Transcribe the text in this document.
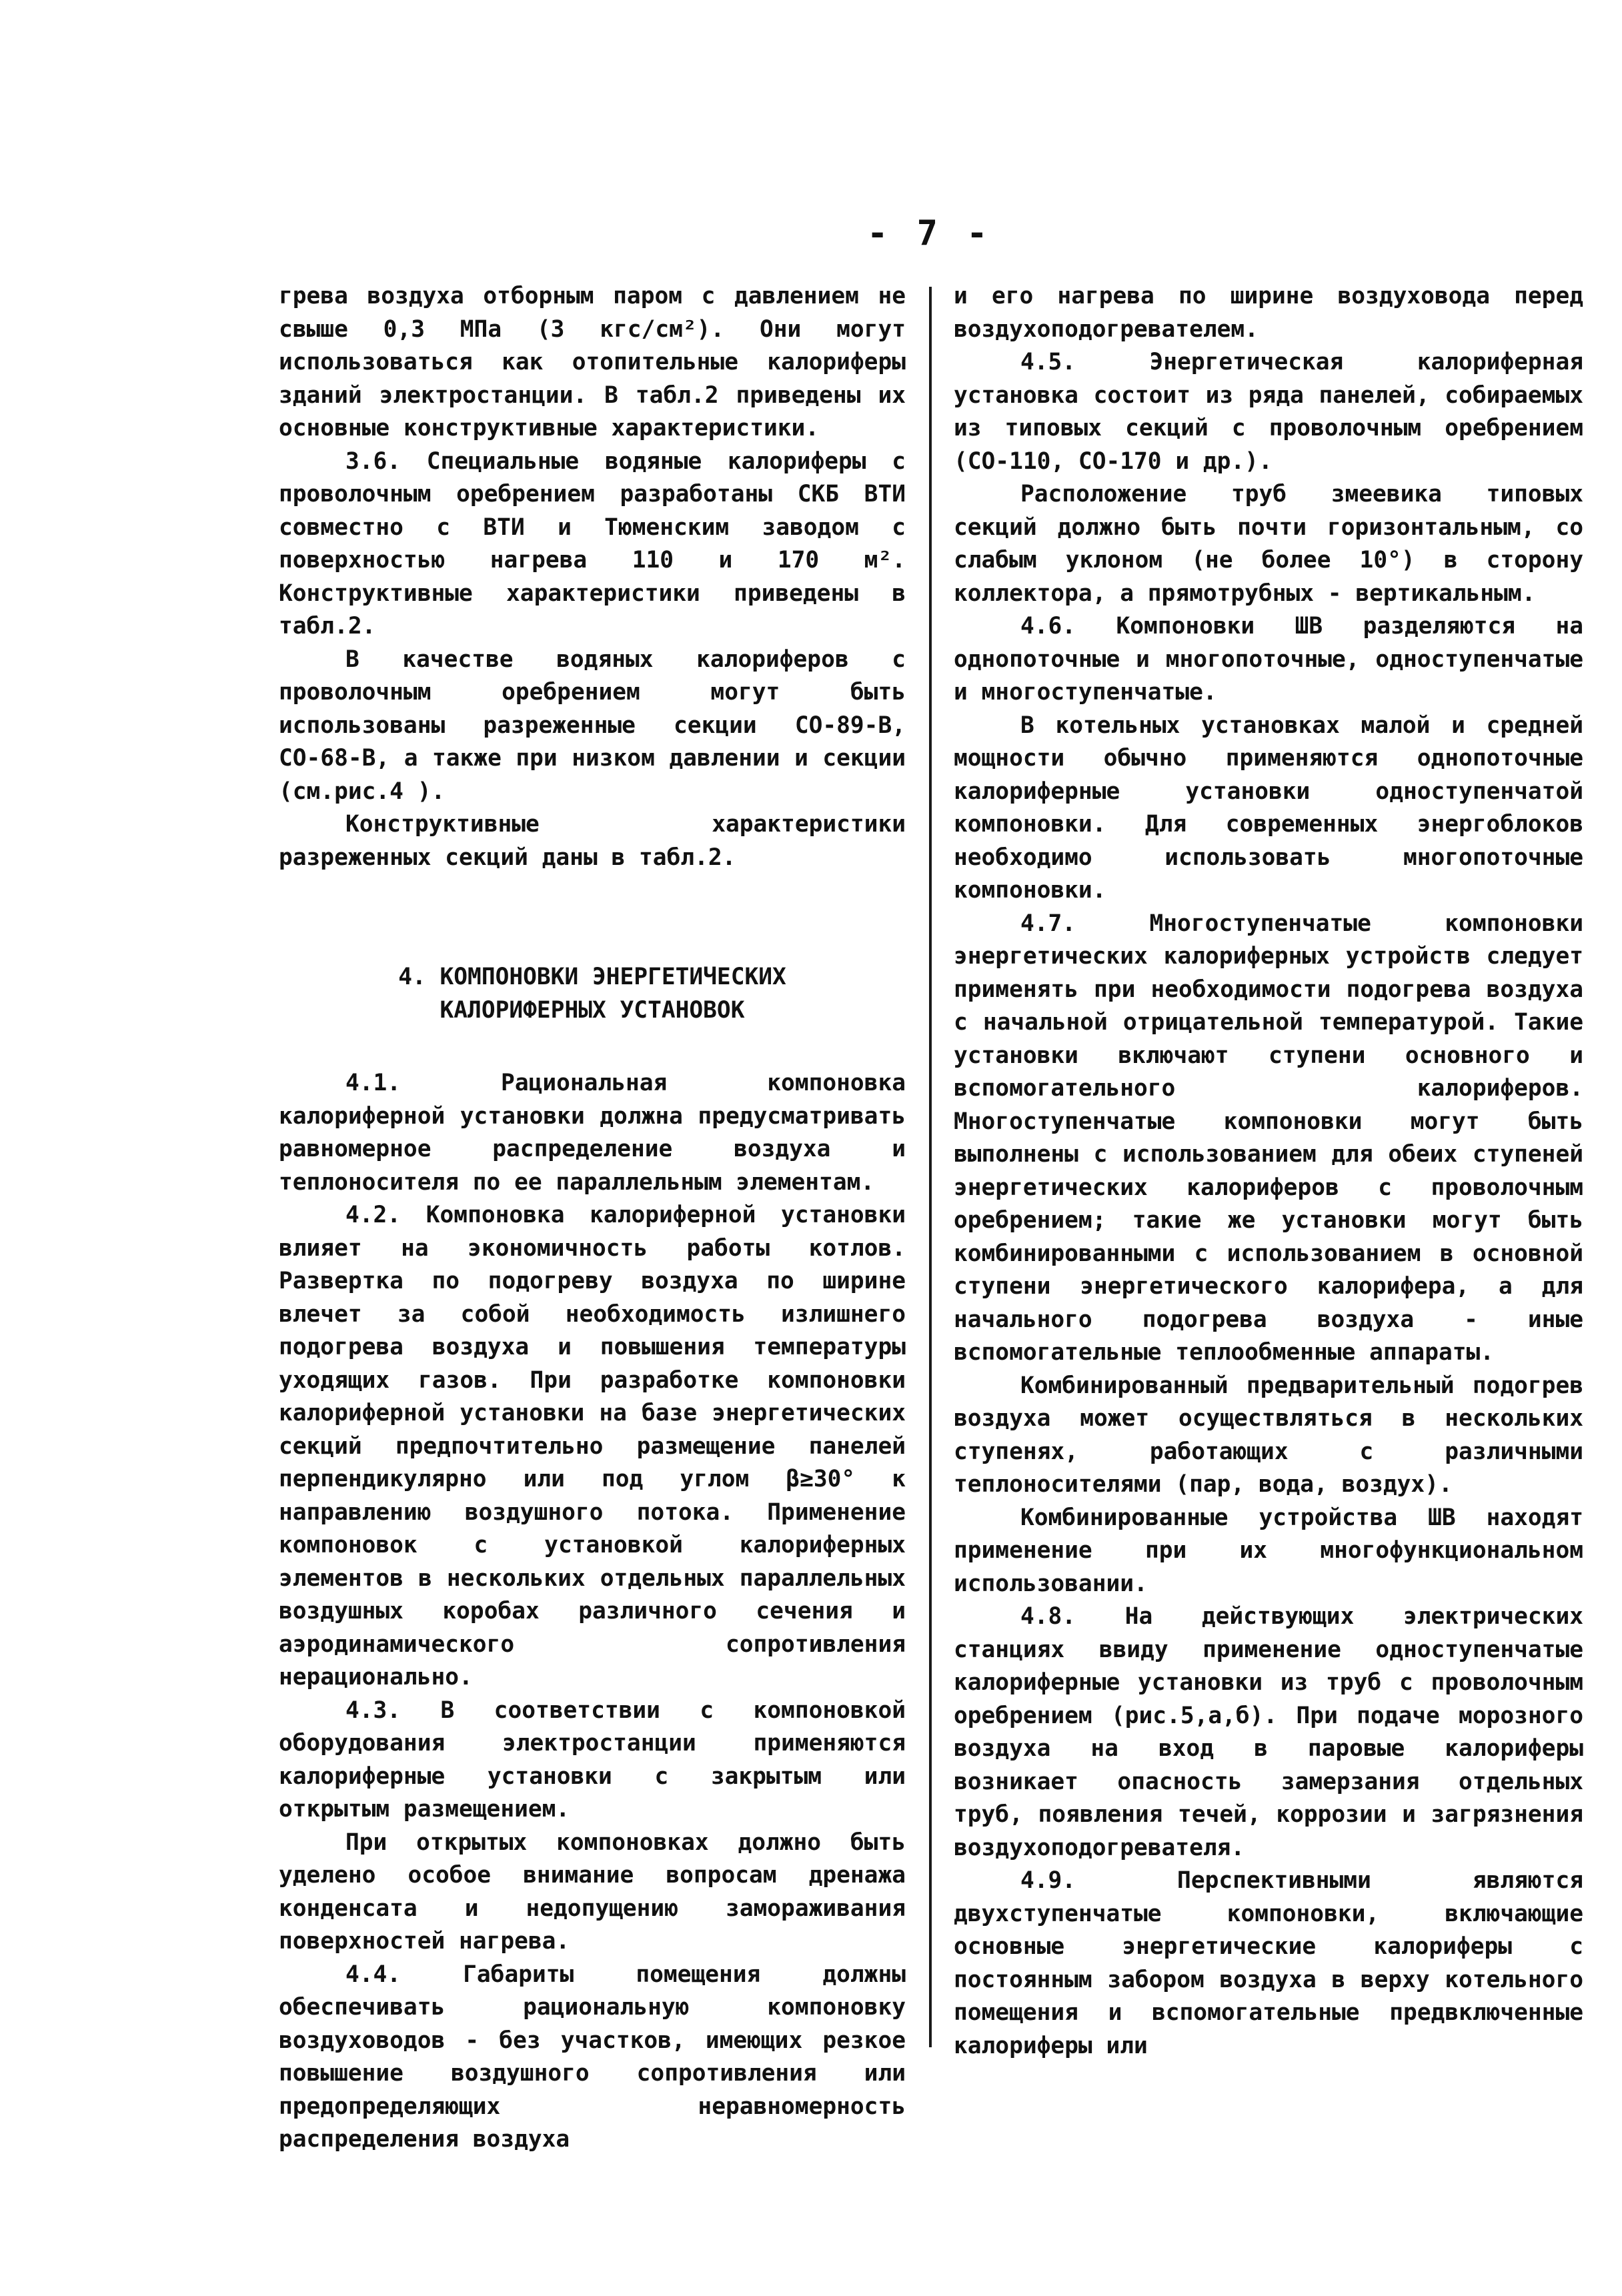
- 7 -

грева воздуха отборным паром с давлением не свыше 0,3 МПа (3 кгс/см²). Они могут использоваться как отопительные калориферы зданий электростанции. В табл.2 приведены их основные конструктивные характеристики.

3.6. Специальные водяные калориферы с проволочным оребрением разработаны СКБ ВТИ совместно с ВТИ и Тюменским заводом с поверхностью нагрева 110 и 170 м². Конструктивные характеристики приведены в табл.2.

В качестве водяных калориферов с проволочным оребрением могут быть использованы разреженные секции СО-89-В, СО-68-В, а также при низком давлении и секции (см.рис.4 ).

Конструктивные характеристики разреженных секций даны в табл.2.

4. КОМПОНОВКИ ЭНЕРГЕТИЧЕСКИХ

КАЛОРИФЕРНЫХ УСТАНОВОК

4.1. Рациональная компоновка калориферной установки должна предусматривать равномерное распределение воздуха и теплоносителя по ее параллельным элементам.

4.2. Компоновка калориферной установки влияет на экономичность работы котлов. Развертка по подогреву воздуха по ширине влечет за собой необходимость излишнего подогрева воздуха и повышения температуры уходящих газов. При разработке компоновки калориферной установки на базе энергетических секций предпочтительно размещение панелей перпендикулярно или под углом β≥30° к направлению воздушного потока. Применение компоновок с установкой калориферных элементов в нескольких отдельных параллельных воздушных коробах различного сечения и аэродинамического сопротивления нерационально.

4.3. В соответствии с компоновкой оборудования электростанции применяются калориферные установки с закрытым или открытым размещением.

При открытых компоновках должно быть уделено особое внимание вопросам дренажа конденсата и недопущению замораживания поверхностей нагрева.

4.4. Габариты помещения должны обеспечивать рациональную компоновку воздуховодов - без участков, имеющих резкое повышение воздушного сопротивления или предопределяющих неравномерность распределения воздуха

и его нагрева по ширине воздуховода перед воздухоподогревателем.

4.5. Энергетическая калориферная установка состоит из ряда панелей, собираемых из типовых секций с проволочным оребрением (СО-110, СО-170 и др.).

Расположение труб змеевика типовых секций должно быть почти горизонтальным, со слабым уклоном (не более 10°) в сторону коллектора, а прямотрубных - вертикальным.

4.6. Компоновки ШВ разделяются на однопоточные и многопоточные, одноступенчатые и многоступенчатые.

В котельных установках малой и средней мощности обычно применяются однопоточные калориферные установки одноступенчатой компоновки. Для современных энергоблоков необходимо использовать многопоточные компоновки.

4.7. Многоступенчатые компоновки энергетических калориферных устройств следует применять при необходимости подогрева воздуха с начальной отрицательной температурой. Такие установки включают ступени основного и вспомогательного калориферов. Многоступенчатые компоновки могут быть выполнены с использованием для обеих ступеней энергетических калориферов с проволочным оребрением; такие же установки могут быть комбинированными с использованием в основной ступени энергетического калорифера, а для начального подогрева воздуха - иные вспомогательные теплообменные аппараты.

Комбинированный предварительный подогрев воздуха может осуществляться в нескольких ступенях, работающих с различными теплоносителями (пар, вода, воздух).

Комбинированные устройства ШВ находят применение при их многофункциональном использовании.

4.8. На действующих электрических станциях ввиду применение одноступенчатые калориферные установки из труб с проволочным оребрением (рис.5,а,б). При подаче морозного воздуха на вход в паровые калориферы возникает опасность замерзания отдельных труб, появления течей, коррозии и загрязнения воздухоподогревателя.

4.9. Перспективными являются двухступенчатые компоновки, включающие основные энергетические калориферы с постоянным забором воздуха в верху котельного помещения и вспомогательные предвключенные калориферы или
